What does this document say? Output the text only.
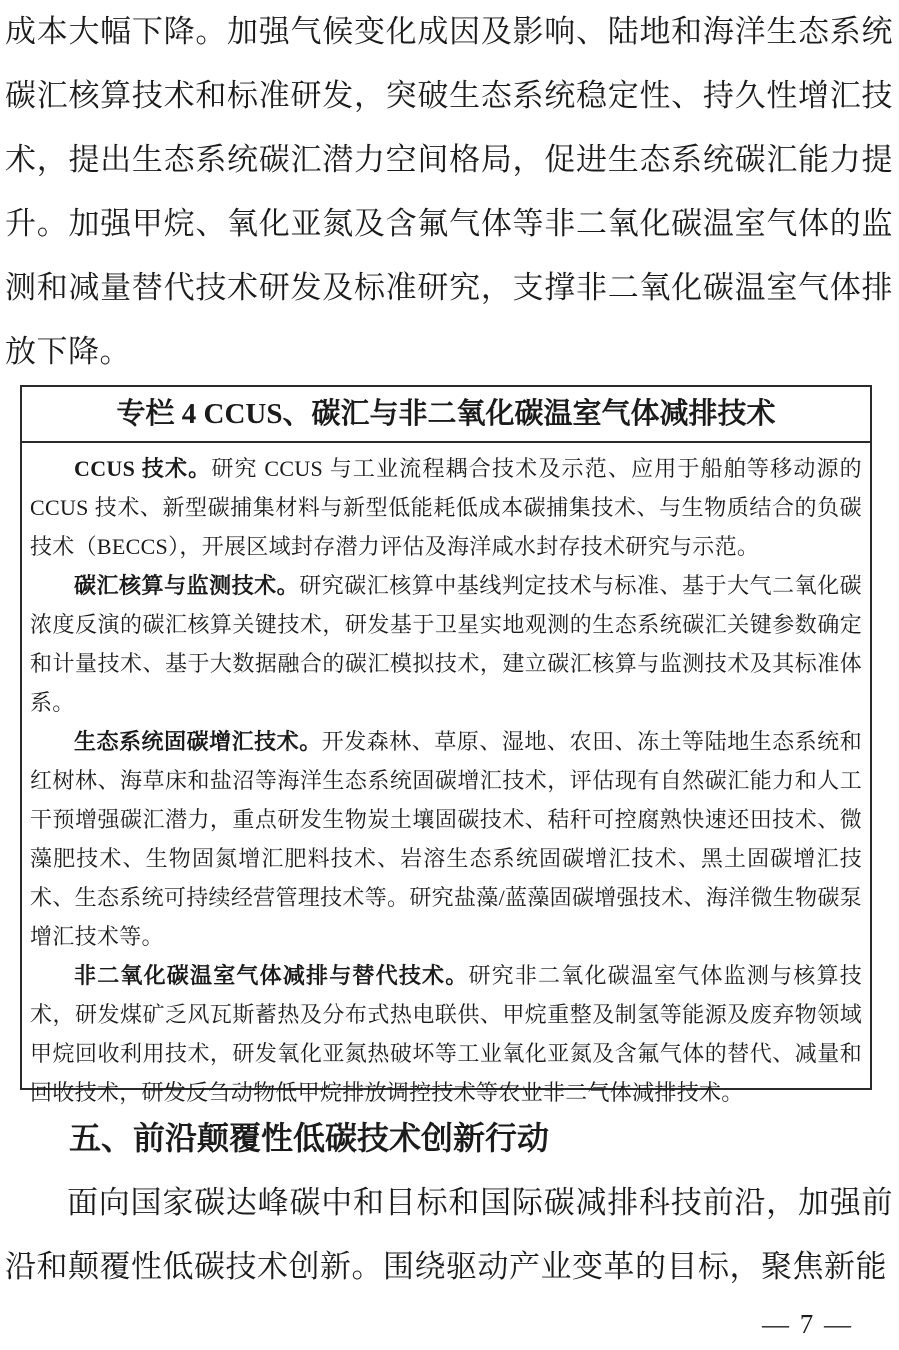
成本大幅下降。加强气候变化成因及影响、陆地和海洋生态系统碳汇核算技术和标准研发，突破生态系统稳定性、持久性增汇技术，提出生态系统碳汇潜力空间格局，促进生态系统碳汇能力提升。加强甲烷、氧化亚氮及含氟气体等非二氧化碳温室气体的监测和减量替代技术研发及标准研究，支撑非二氧化碳温室气体排放下降。
专栏 4 CCUS、碳汇与非二氧化碳温室气体减排技术

CCUS 技术。研究 CCUS 与工业流程耦合技术及示范、应用于船舶等移动源的 CCUS 技术、新型碳捕集材料与新型低能耗低成本碳捕集技术、与生物质结合的负碳技术（BECCS），开展区域封存潜力评估及海洋咸水封存技术研究与示范。

碳汇核算与监测技术。研究碳汇核算中基线判定技术与标准、基于大气二氧化碳浓度反演的碳汇核算关键技术，研发基于卫星实地观测的生态系统碳汇关键参数确定和计量技术、基于大数据融合的碳汇模拟技术，建立碳汇核算与监测技术及其标准体系。

生态系统固碳增汇技术。开发森林、草原、湿地、农田、冻土等陆地生态系统和红树林、海草床和盐沼等海洋生态系统固碳增汇技术，评估现有自然碳汇能力和人工干预增强碳汇潜力，重点研发生物炭土壤固碳技术、秸秆可控腐熟快速还田技术、微藻肥技术、生物固氮增汇肥料技术、岩溶生态系统固碳增汇技术、黑土固碳增汇技术、生态系统可持续经营管理技术等。研究盐藻/蓝藻固碳增强技术、海洋微生物碳泵增汇技术等。

非二氧化碳温室气体减排与替代技术。研究非二氧化碳温室气体监测与核算技术，研发煤矿乏风瓦斯蓄热及分布式热电联供、甲烷重整及制氢等能源及废弃物领域甲烷回收利用技术，研发氧化亚氮热破坏等工业氧化亚氮及含氟气体的替代、减量和回收技术，研发反刍动物低甲烷排放调控技术等农业非二气体减排技术。

五、前沿颠覆性低碳技术创新行动
面向国家碳达峰碳中和目标和国际碳减排科技前沿，加强前沿和颠覆性低碳技术创新。围绕驱动产业变革的目标，聚焦新能
— 7 —
